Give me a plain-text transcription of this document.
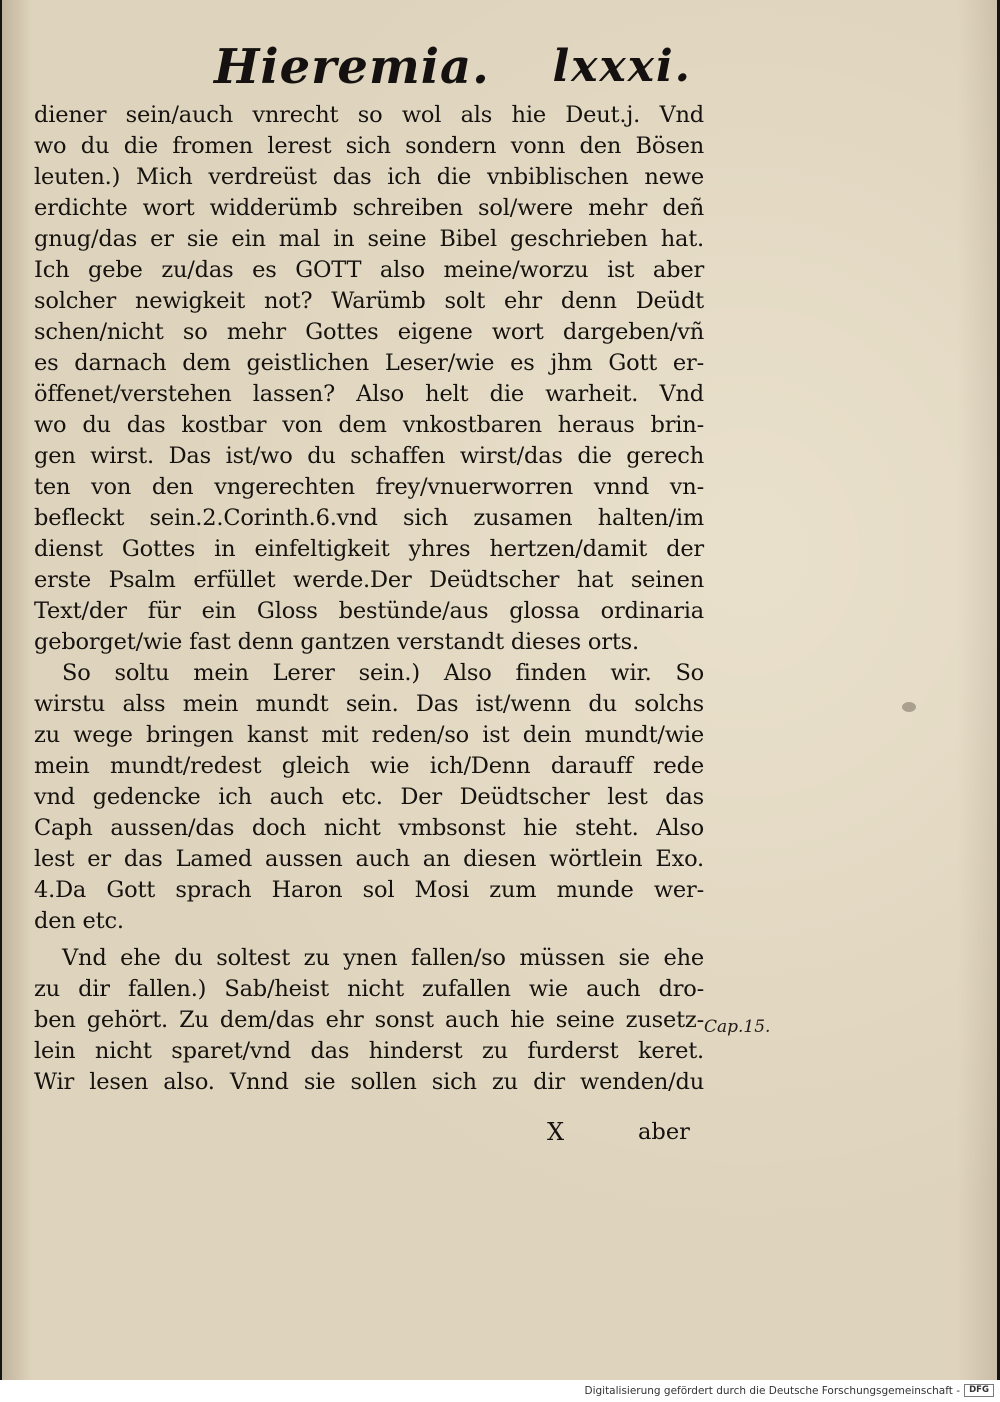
Hieremia. lxxxi.
diener sein/auch vnrecht so wol als hie Deut.j. Vnd
wo du die fromen lerest sich sondern vonn den Bösen
leuten.) Mich verdreüst das ich die vnbiblischen newe
erdichte wort widderümb schreiben sol/were mehr deñ
gnug/das er sie ein mal in seine Bibel geschrieben hat.
Ich gebe zu/das es GOTT also meine/worzu ist aber
solcher newigkeit not? Warümb solt ehr denn Deüdt
schen/nicht so mehr Gottes eigene wort dargeben/vñ
es darnach dem geistlichen Leser/wie es jhm Gott er-
öffenet/verstehen lassen? Also helt die warheit. Vnd
wo du das kostbar von dem vnkostbaren heraus brin-
gen wirst. Das ist/wo du schaffen wirst/das die gerech
ten von den vngerechten frey/vnuerworren vnnd vn-
befleckt sein.2.Corinth.6.vnd sich zusamen halten/im
dienst Gottes in einfeltigkeit yhres hertzen/damit der
erste Psalm erfüllet werde.Der Deüdtscher hat seinen
Text/der für ein Gloss bestünde/aus glossa ordinaria
geborget/wie fast denn gantzen verstandt dieses orts.
So soltu mein Lerer sein.) Also finden wir. So
wirstu alss mein mundt sein. Das ist/wenn du solchs
zu wege bringen kanst mit reden/so ist dein mundt/wie
mein mundt/redest gleich wie ich/Denn darauff rede
vnd gedencke ich auch etc. Der Deüdtscher lest das
Caph aussen/das doch nicht vmbsonst hie steht. Also
lest er das Lamed aussen auch an diesen wörtlein Exo.
4.Da Gott sprach Haron sol Mosi zum munde wer-
den etc.
Vnd ehe du soltest zu ynen fallen/so müssen sie ehe
zu dir fallen.) Sab/heist nicht zufallen wie auch dro-
ben gehört. Zu dem/das ehr sonst auch hie seine zusetz-
lein nicht sparet/vnd das hinderst zu furderst keret.
Wir lesen also. Vnnd sie sollen sich zu dir wenden/du
Cap.15.
X	aber
Digitalisierung gefördert durch die Deutsche Forschungsgemeinschaft -	DFG
